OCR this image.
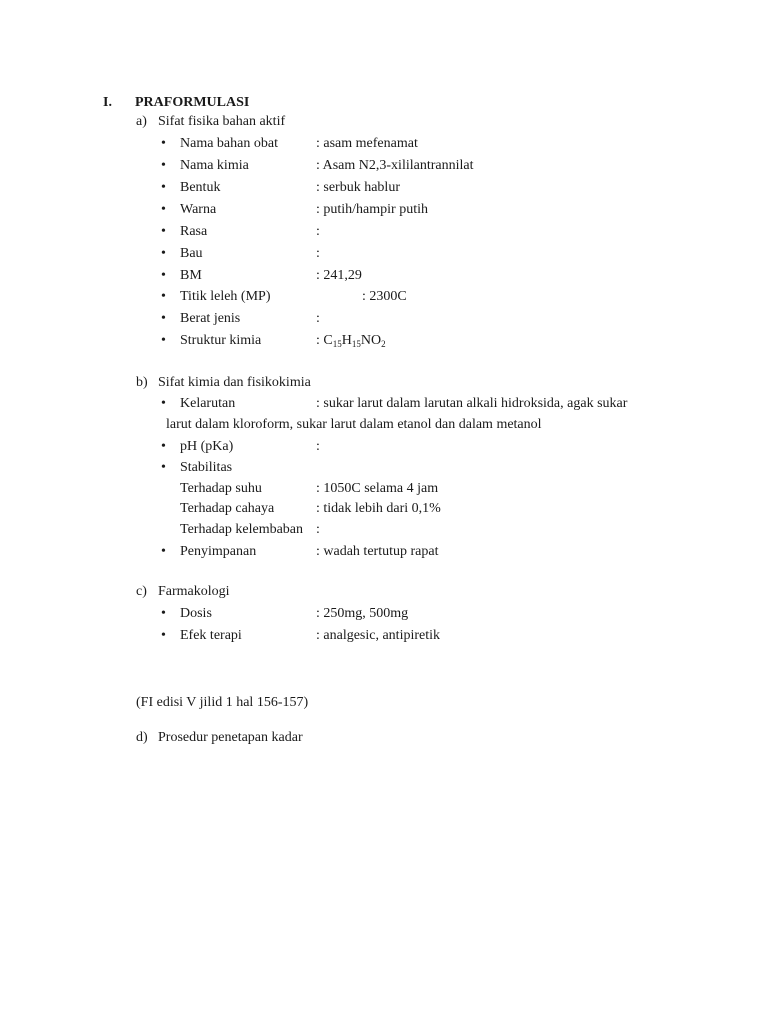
I. PRAFORMULASI
a) Sifat fisika bahan aktif
• Nama bahan obat	: asam mefenamat
• Nama kimia	: Asam N2,3-xililantrannilat
• Bentuk	: serbuk hablur
• Warna	: putih/hampir putih
• Rasa	:
• Bau	:
• BM	: 241,29
• Titik leleh (MP)	: 2300C
• Berat jenis	:
• Struktur kimia	: $C_{15}H_{15}NO_2$
b) Sifat kimia dan fisikokimia
• Kelarutan	: sukar larut dalam larutan alkali hidroksida, agak sukar
larut dalam kloroform, sukar larut dalam etanol dan dalam metanol
• pH (pKa)	:
• Stabilitas
Terhadap suhu	: 1050C selama 4 jam
Terhadap cahaya	: tidak lebih dari 0,1%
Terhadap kelembaban :
• Penyimpanan	: wadah tertutup rapat
c) Farmakologi
• Dosis	: 250mg, 500mg
• Efek terapi	: analgesic, antipiretik
(FI edisi V jilid 1 hal 156-157)
d) Prosedur penetapan kadar
